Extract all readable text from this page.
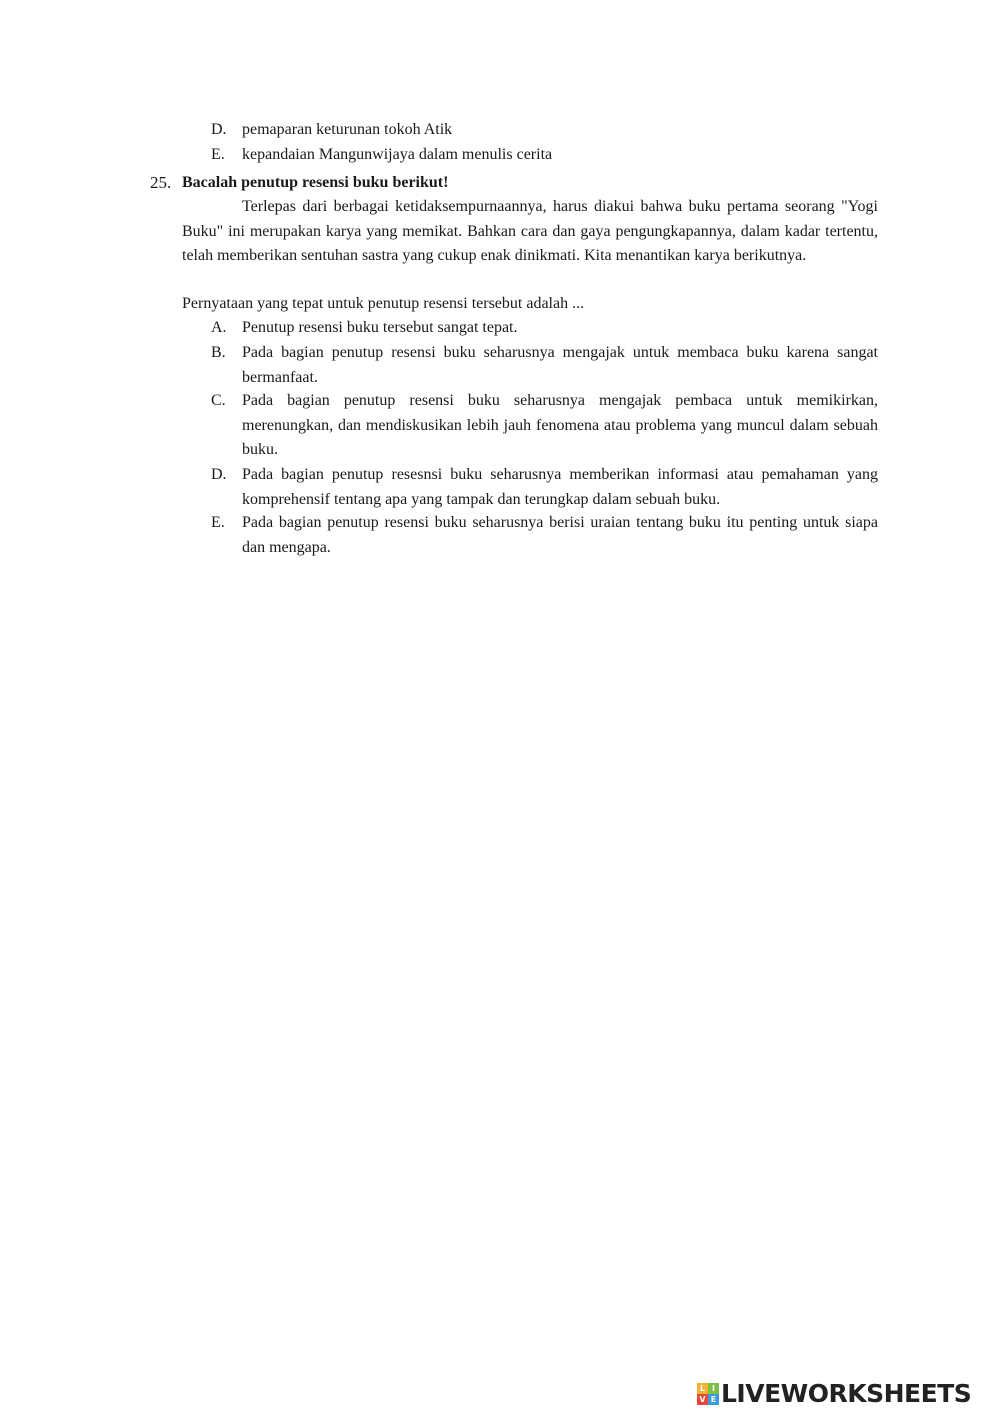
D. pemaparan keturunan tokoh Atik
E.	kepandaian Mangunwijaya dalam menulis cerita
25. Bacalah penutup resensi buku berikut!

Terlepas dari berbagai ketidaksempurnaannya, harus diakui bahwa buku pertama seorang "Yogi Buku" ini merupakan karya yang memikat. Bahkan cara dan gaya pengungkapannya, dalam kadar tertentu, telah memberikan sentuhan sastra yang cukup enak dinikmati. Kita menantikan karya berikutnya.

Pernyataan yang tepat untuk penutup resensi tersebut adalah ...
A. Penutup resensi buku tersebut sangat tepat.
B.	Pada bagian penutup resensi buku seharusnya mengajak untuk membaca buku karena sangat bermanfaat.
C.	Pada bagian penutup resensi buku seharusnya mengajak pembaca untuk memikirkan, merenungkan, dan mendiskusikan lebih jauh fenomena atau problema yang muncul dalam sebuah buku.
D. Pada bagian penutup resesnsi buku seharusnya memberikan informasi atau pemahaman yang komprehensif tentang apa yang tampak dan terungkap dalam sebuah buku.
E.	Pada bagian penutup resensi buku seharusnya berisi uraian tentang buku itu penting untuk siapa dan mengapa.
L I
V E LIVEWORKSHEETS
